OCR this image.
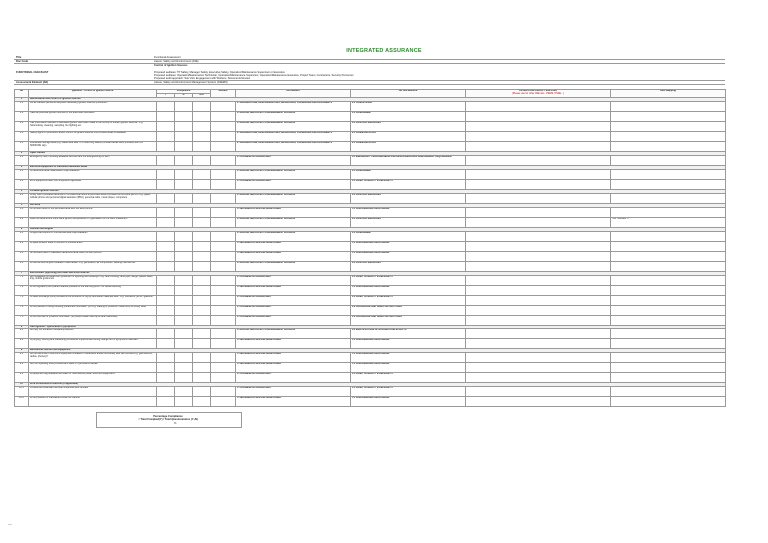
INTEGRATED ASSURANCE
Title	Functional Assessment
Doc Code	Assets, Safety and Environment (ASE)
FUNCTIONAL CHECKLIST
Control of Ignition Sources
Proposed auditees: TP Safety, Manager Safety, Executive Safety, Operation/Maintenance Supervisor or Executive
Proposed auditees: Operation/Maintenance Technician, Operation/Maintenance Supervisor, Operation/Maintenance Executive, Project Team, Contractors, Security Personnel
Proposed audit approach: Site Visit, Engagement with Workers, Documents Review
Assessment Element (AE)	Assets, Safety and Environment Management System (ASEMS)
No	Question - control of ignition Source	Compliance			Remark	AE Element	AE Sub Element	LEVERS AND LEGACY MAPPING
(Please use for other ASE doc - PEMS, HSSE...)	HMP Mapping
		Y	N	N/A					
1	Identification and control of ignition sources								
1.1	Do all relevant personnel acquired necessary ignition sources procedure?					2. ORGANIZATION, RESPONSIBILITIES, RESOURCES, STANDARDS AND DOCUMENTS	2.2 COMPETENCE		
1.2	Have all potential ignition sources in the area been identified?					3. HAZARD AND EFFECTS MANAGEMENT PROCESS	3.1 ASSESSMENT		
1.3	Has information relevant to identified ignition risks been made in the vicinity of known ignition sources? e.g. hot/smoking, cleaning, sampling, fire fighting etc.					3. HAZARD AND EFFECTS MANAGEMENT PROCESS	3.4 CONTROL MEASURES		
1.4	Safety signs on prohibition and/or control of ignition sources into process areas is available					2. ORGANIZATION, RESPONSIBILITIES, RESOURCES, STANDARDS AND DOCUMENTS	2.4 COMMUNICATION		
1.5	Fire/welder storage area (e.g. diesel skid tank / PS reserving station) smoked areas were provided with NO SMOKING sign					2. ORGANIZATION, RESPONSIBILITIES, RESOURCES, STANDARDS AND DOCUMENTS	2.4 COMMUNICATION		
2	Open Flames								
2.1	Emergency cars, including available services and fire extinguishing on site?					4. PLANNING & PROCEDURES	4.4 EMERGENCY PREPAREDNESS AND RESPONSE/CRISIS MANAGEMENT REQUIREMENT		
3	Electrical equipment in classified hazardous areas								
3.1	Is hazardous area classification map available?					3. HAZARD AND EFFECTS MANAGEMENT PROCESS	3.1 ASSESSMENT		
3.2	Ex is equipment base, with inspection tag/sticker					4. PLANNING & PROCEDURES	4.1 ASSET INTEGRITY & RELIABILITY		
4	Portable ignition sources								
4.1	Is any use of portable electrical or non-electrical items at permitted area controlled via hot work permit? e.g. paper, cellular phone and personal digital assistant (PDA), personal radio, music player, computers					3. HAZARD AND EFFECTS MANAGEMENT PROCESS	3.4 CONTROL MEASURES		
5	Hot work								
5.1	Is hot work done in the permitted area with the work permit?					5. IMPLEMENTATION AND MONITORING	5.1 PERFORMANCE MONITORING		
5.2	Does the area where there were ignition temperature or hyperisation of PM been measured?					3. HAZARD AND EFFECTS MANAGEMENT PROCESS	3.4 CONTROL MEASURES		HAT Indicator 3
6	Vehicles and engine								
6.1	Is approved vehicle in mechanical area map available?					3. HAZARD AND EFFECTS MANAGEMENT PROCESS	3.1 ASSESSMENT		
6.2	Is spark arrestor used on vehicle in process area?					5. IMPLEMENTATION AND MONITORING	5.1 PERFORMANCE MONITORING		
6.3	All vehicles used in classified hazardous area have hot work permit?					5. IMPLEMENTATION AND MONITORING	5.1 PERFORMANCE MONITORING		
6.4	Is internal both engine installed in safe areas? e.g. generators, air compressor, welding machine etc					3. HAZARD AND EFFECTS MANAGEMENT PROCESS	3.4 CONTROL MEASURES		
7	Electrostatic (lightning) and static electrical sources								
7.1	Are installation provided with protection of lightning and buildings? e.g. tank bonding, tank pipe, flange, panels cable tray, mobile ground etc					4. PLANNING & PROCEDURES	4.1 ASSET INTEGRITY & RELIABILITY		
7.2	Is the regulator point placed nearest possible to the earthing point? for vessel earthing					5. IMPLEMENTATION AND MONITORING	5.1 PERFORMANCE MONITORING		
7.3	Is static discharge point provided at the entrance of highly flammable materials tank? e.g. Kerosene, jet A1, gasoline					4. PLANNING & PROCEDURES	4.1 ASSET INTEGRITY & RELIABILITY		
7.4	Is the practice of using bonding predefined controlled? (for e.g. loading of products, initial fill-up of empty tank)					4. PLANNING & PROCEDURES	4.2 PROCEDURE AND WORK INSTRUCTIONS		
7.5	Is the flow rate of products controlled? (to prevent static build up at tank manifolds)					4. PLANNING & PROCEDURES	4.2 PROCEDURE AND WORK INSTRUCTIONS		
8	Auto ignition - hydrocarbon / pyrophoric								
8.1	Are any hot surfaces insulated/protected?					3. HAZARD AND EFFECTS MANAGEMENT PROCESS	3.2 IDENTIFICATION OF HAZARDS AND EFFECTS		
8.2	Is purging, venting and blanketing procedures implemented during change out of pyrophoric materials?					5. IMPLEMENTATION AND MONITORING	5.1 PERFORMANCE MONITORING		
9	Mechanical sources and equipment								
9.1	Are all electrical or electronic equipment installed in hazardous areas intrinsically safe (Ex certified e.g. gas detector, radios, phones)?					5. IMPLEMENTATION AND MONITORING	5.1 PERFORMANCE MONITORING		
9.2	Are non sparking tools provided and used in hydrocarbon areas?					5. IMPLEMENTATION AND MONITORING	5.1 PERFORMANCE MONITORING		
9.3	Is equipment tag available and valid for mechanical/ power tools and equipment?					4. PLANNING & PROCEDURES	4.1 ASSET INTEGRITY & RELIABILITY		
10	Infra Pressurized Protection (if applicable)								
10.1	Pressurized bulkhead has been inspected and certified					4. PLANNING & PROCEDURES	4.1 ASSET INTEGRITY & RELIABILITY		
10.2	Is the pressure is maintained inside the cabinet					5. IMPLEMENTATION AND MONITORING	5.1 PERFORMANCE MONITORING		
Percentage Compliance
= Total Complied(Y) / Total Questionnaires (Y+N)
%
—
